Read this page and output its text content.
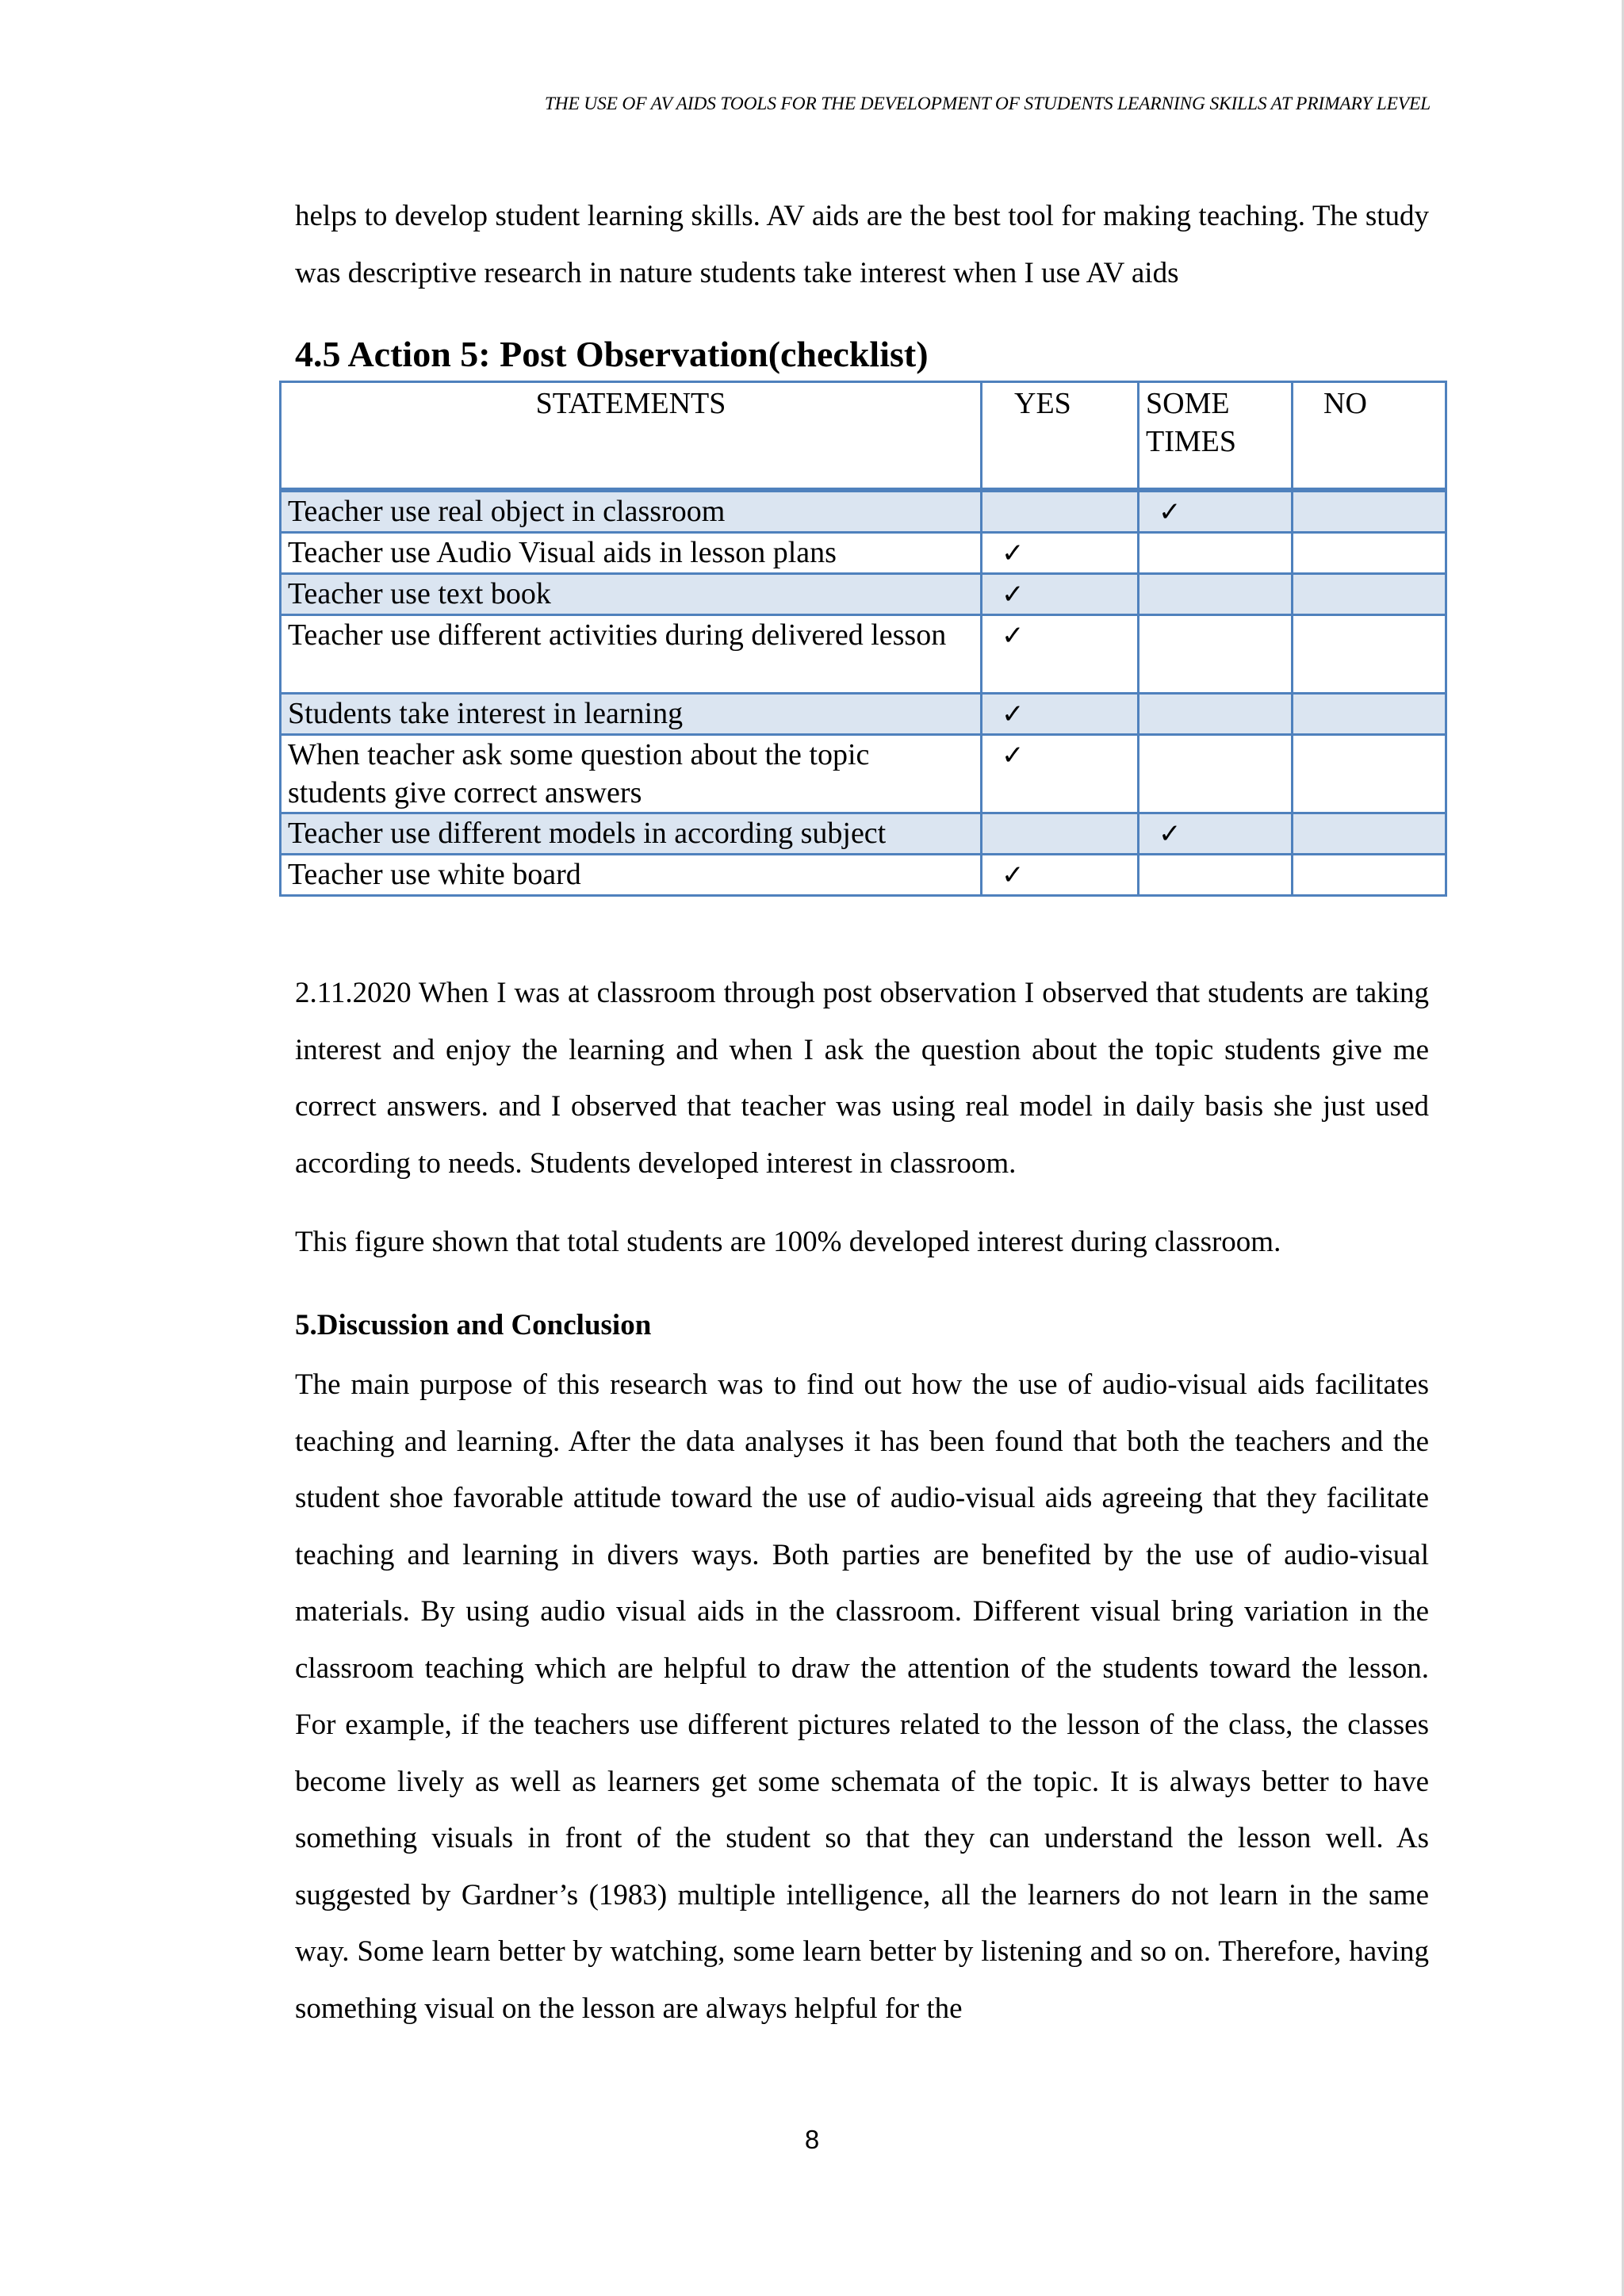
THE USE OF AV AIDS TOOLS FOR THE DEVELOPMENT OF STUDENTS LEARNING SKILLS AT PRIMARY LEVEL

helps to develop student learning skills. AV aids are the best tool for making teaching. The study was descriptive research in nature students take interest when I use AV aids

4.5 Action 5: Post Observation(checklist)
STATEMENTS	YES	SOME TIMES	NO
Teacher use real object in classroom		✓	
Teacher use Audio Visual aids in lesson plans	✓		
Teacher use text book	✓		
Teacher use different activities during delivered lesson	✓		
Students take interest in learning	✓		
When teacher ask some question about the topic students give correct answers	✓		
Teacher use different models in according subject		✓	
Teacher use white board	✓		

2.11.2020 When I was at classroom through post observation I observed that students are taking interest and enjoy the learning and when I ask the question about the topic students give me correct answers. and I observed that teacher was using real model in daily basis she just used according to needs. Students developed interest in classroom.

This figure shown that total students are 100% developed interest during classroom.

5.Discussion and Conclusion

The main purpose of this research was to find out how the use of audio-visual aids facilitates teaching and learning. After the data analyses it has been found that both the teachers and the student shoe favorable attitude toward the use of audio-visual aids agreeing that they facilitate teaching and learning in divers ways. Both parties are benefited by the use of audio-visual materials. By using audio visual aids in the classroom. Different visual bring variation in the classroom teaching which are helpful to draw the attention of the students toward the lesson. For example, if the teachers use different pictures related to the lesson of the class, the classes become lively as well as learners get some schemata of the topic. It is always better to have something visuals in front of the student so that they can understand the lesson well. As suggested by Gardner’s (1983) multiple intelligence, all the learners do not learn in the same way. Some learn better by watching, some learn better by listening and so on. Therefore, having something visual on the lesson are always helpful for the

8
